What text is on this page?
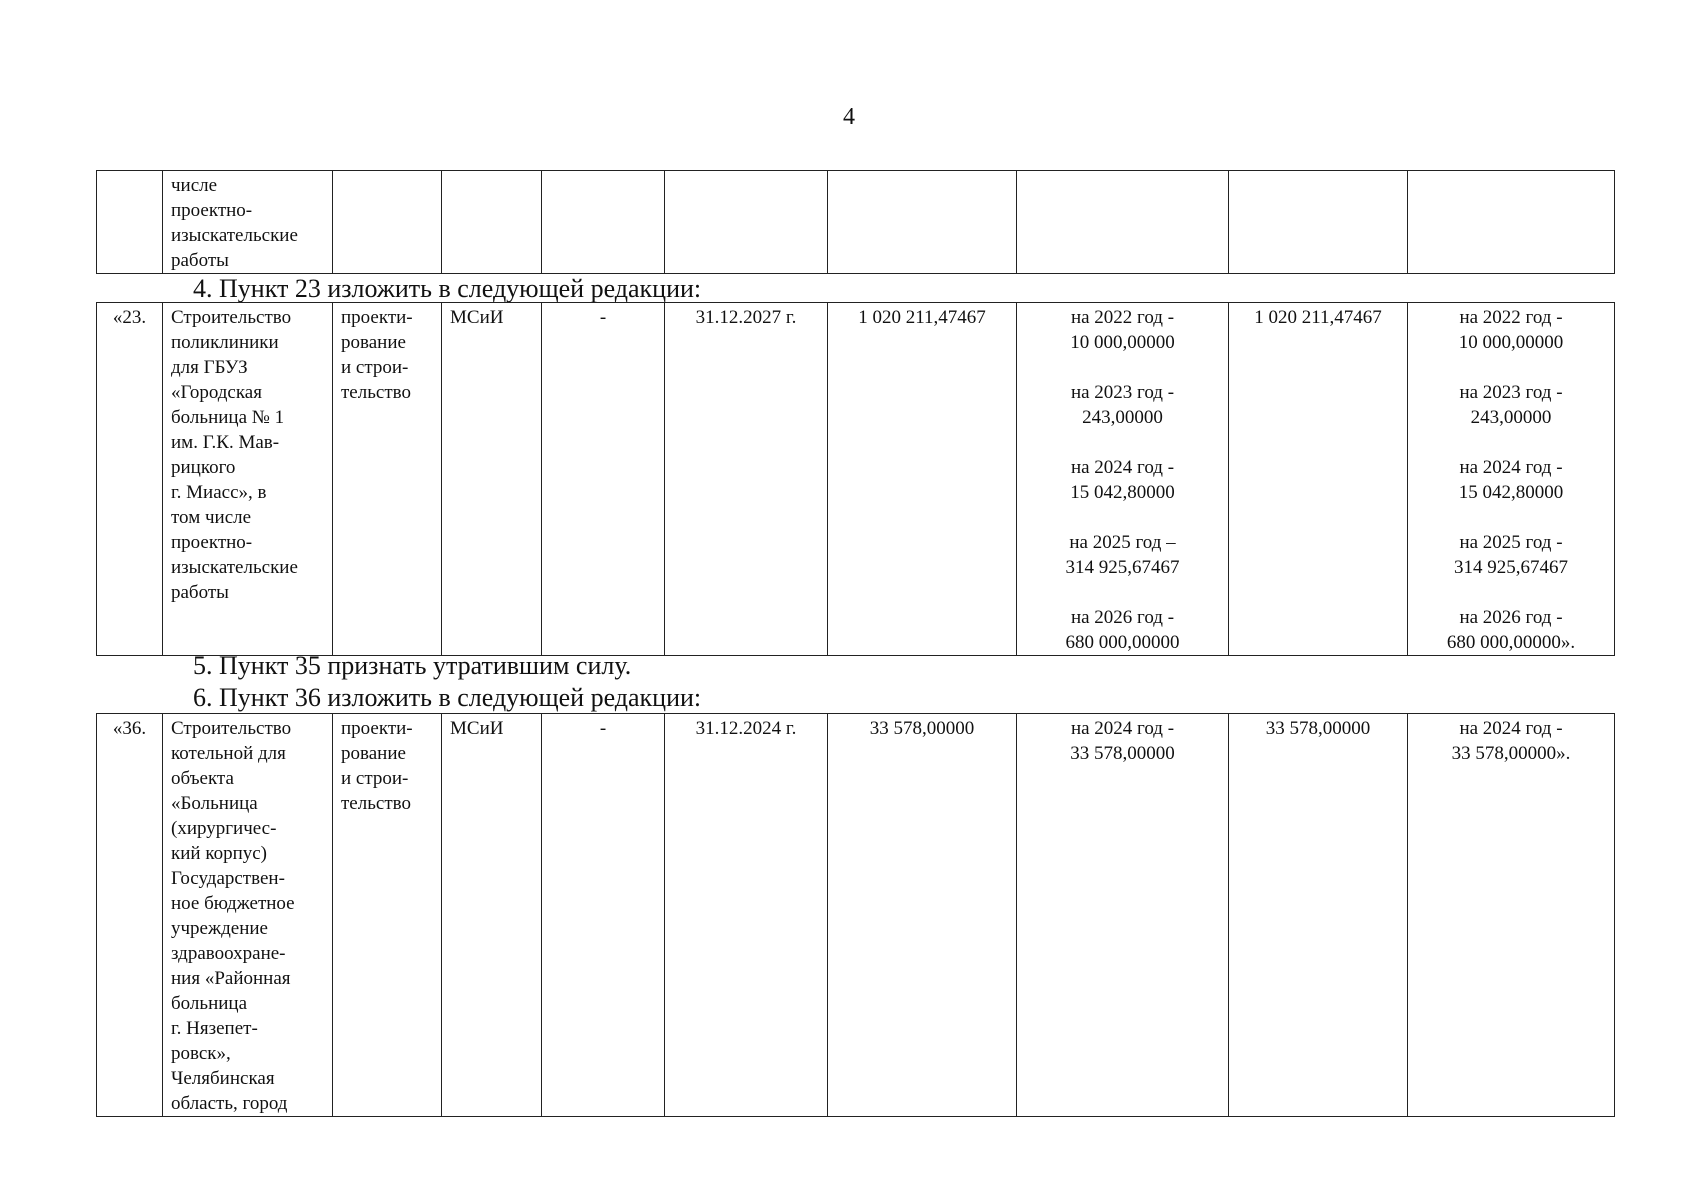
4
	числе
проектно-
изыскательские
работы								
4. Пункт 23 изложить в следующей редакции:
«23.	Строительство
поликлиники
для ГБУЗ
«Городская
больница № 1
им. Г.К. Мав-
рицкого
г. Миасс», в
том числе
проектно-
изыскательские
работы	проекти-
рование
и строи-
тельство	МСиИ	-	31.12.2027 г.	1 020 211,47467	на 2022 год -
10 000,00000

на 2023 год -
243,00000

на 2024 год -
15 042,80000

на 2025 год –
314 925,67467

на 2026 год -
680 000,00000	1 020 211,47467	на 2022 год -
10 000,00000

на 2023 год -
243,00000

на 2024 год -
15 042,80000

на 2025 год -
314 925,67467

на 2026 год -
680 000,00000».
5. Пункт 35 признать утратившим силу.
6. Пункт 36 изложить в следующей редакции:
«36.	Строительство
котельной для
объекта
«Больница
(хирургичес-
кий корпус)
Государствен-
ное бюджетное
учреждение
здравоохране-
ния «Районная
больница
г. Нязепет-
ровск»,
Челябинская
область, город	проекти-
рование
и строи-
тельство	МСиИ	-	31.12.2024 г.	33 578,00000	на 2024 год -
33 578,00000	33 578,00000	на 2024 год -
33 578,00000».
